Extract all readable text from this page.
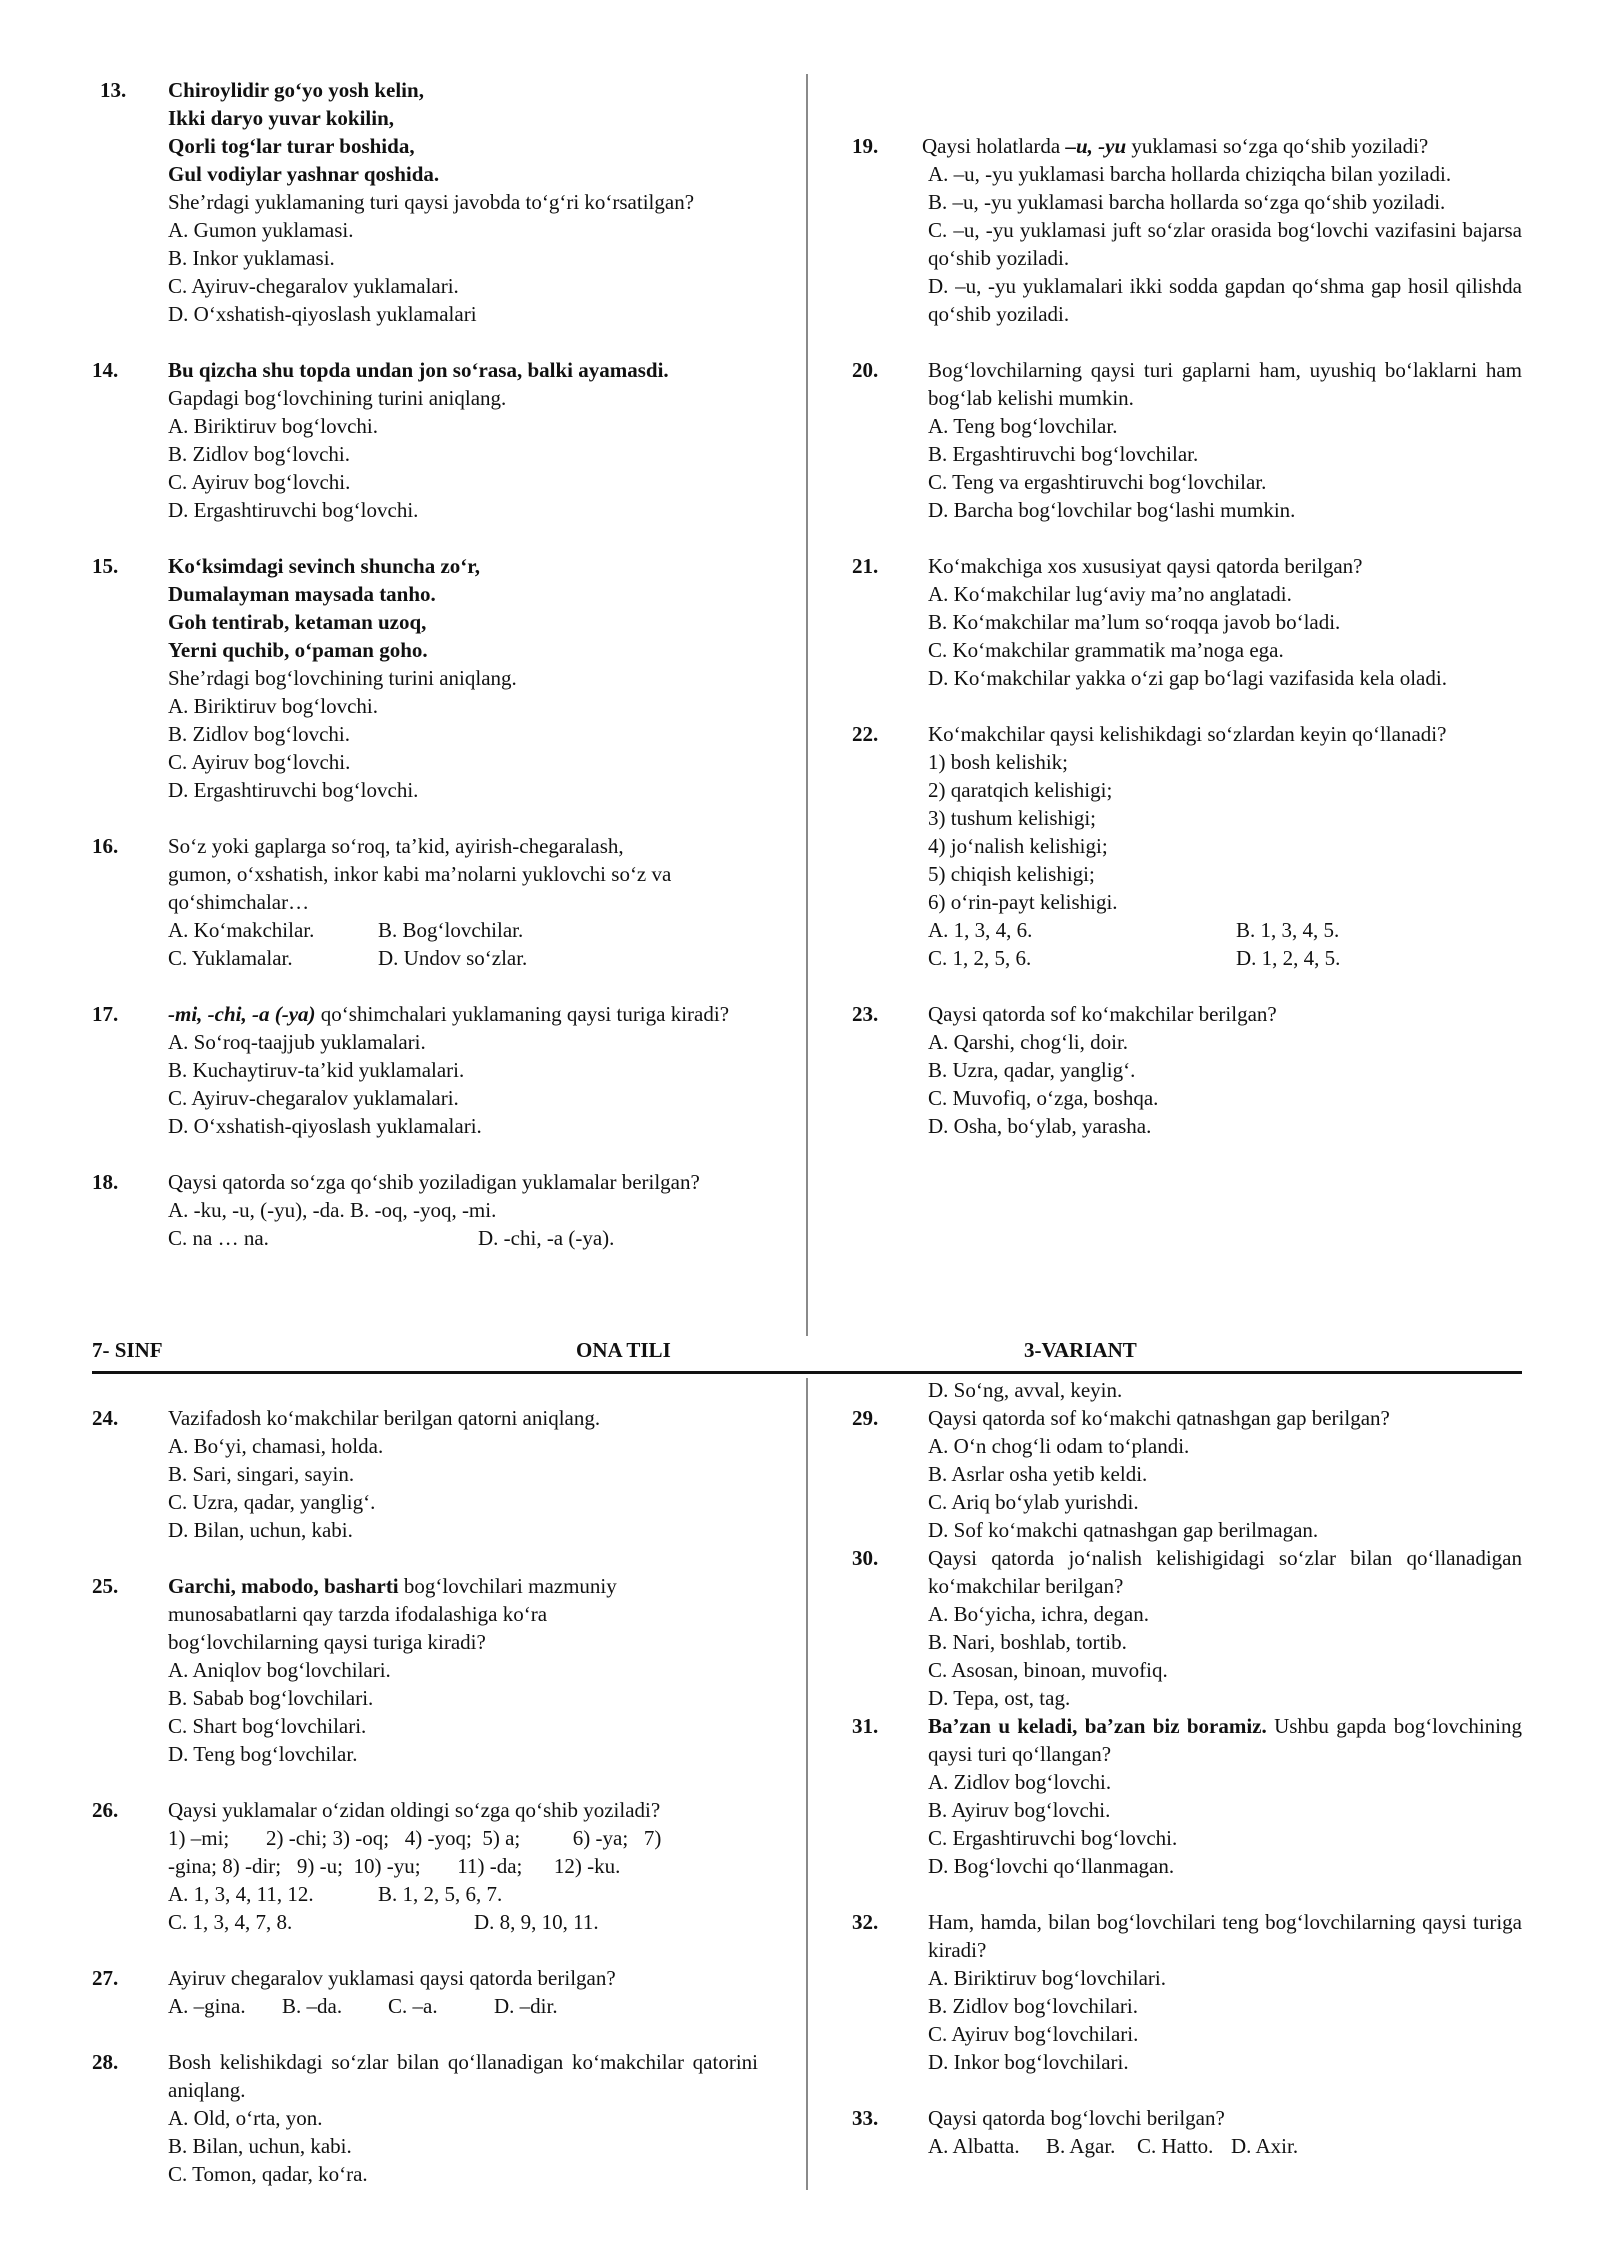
7- SINF	ONA TILI	3-VARIANT
13.	Chiroylidir go‘yo yosh kelin,
Ikki daryo yuvar kokilin,
Qorli tog‘lar turar boshida,
Gul vodiylar yashnar qoshida.
She’rdagi yuklamaning turi qaysi javobda to‘g‘ri ko‘rsatilgan?
A. Gumon yuklamasi.
B. Inkor yuklamasi.
C. Ayiruv-chegaralov yuklamalari.
D. O‘xshatish-qiyoslash yuklamalari
14.	Bu qizcha shu topda undan jon so‘rasa, balki ayamasdi.
Gapdagi bog‘lovchining turini aniqlang.
A. Biriktiruv bog‘lovchi.
B. Zidlov bog‘lovchi.
C. Ayiruv bog‘lovchi.
D. Ergashtiruvchi bog‘lovchi.
15.	Ko‘ksimdagi sevinch shuncha zo‘r,
Dumalayman maysada tanho.
Goh tentirab, ketaman uzoq,
Yerni quchib, o‘paman goho.
She’rdagi bog‘lovchining turini aniqlang.
A. Biriktiruv bog‘lovchi.
B. Zidlov bog‘lovchi.
C. Ayiruv bog‘lovchi.
D. Ergashtiruvchi bog‘lovchi.
16.	So‘z yoki gaplarga so‘roq, ta’kid, ayirish-chegaralash,
gumon, o‘xshatish, inkor kabi ma’nolarni yuklovchi so‘z va
qo‘shimchalar…
A. Ko‘makchilar.	B. Bog‘lovchilar.
C. Yuklamalar.	D. Undov so‘zlar.
17.	-mi, -chi, -a (-ya) qo‘shimchalari yuklamaning qaysi turiga kiradi?
A. So‘roq-taajjub yuklamalari.
B. Kuchaytiruv-ta’kid yuklamalari.
C. Ayiruv-chegaralov yuklamalari.
D. O‘xshatish-qiyoslash yuklamalari.
18.	Qaysi qatorda so‘zga qo‘shib yoziladigan yuklamalar berilgan?
A. -ku, -u, (-yu), -da. B. -oq, -yoq, -mi.
C. na … na.	D. -chi, -a (-ya).
19.	Qaysi holatlarda –u, -yu yuklamasi so‘zga qo‘shib yoziladi?
A. –u, -yu yuklamasi barcha hollarda chiziqcha bilan yoziladi.
B. –u, -yu yuklamasi barcha hollarda so‘zga qo‘shib yoziladi.
C. –u, -yu yuklamasi juft so‘zlar orasida bog‘lovchi vazifasini bajarsa qo‘shib yoziladi.
D. –u, -yu yuklamalari ikki sodda gapdan qo‘shma gap hosil qilishda qo‘shib yoziladi.
20.	Bog‘lovchilarning qaysi turi gaplarni ham, uyushiq bo‘laklarni ham bog‘lab kelishi mumkin.
A. Teng bog‘lovchilar.
B. Ergashtiruvchi bog‘lovchilar.
C. Teng va ergashtiruvchi bog‘lovchilar.
D. Barcha bog‘lovchilar bog‘lashi mumkin.
21.	Ko‘makchiga xos xususiyat qaysi qatorda berilgan?
A. Ko‘makchilar lug‘aviy ma’no anglatadi.
B. Ko‘makchilar ma’lum so‘roqqa javob bo‘ladi.
C. Ko‘makchilar grammatik ma’noga ega.
D. Ko‘makchilar yakka o‘zi gap bo‘lagi vazifasida kela oladi.
22.	Ko‘makchilar qaysi kelishikdagi so‘zlardan keyin qo‘llanadi?
1) bosh kelishik;
2) qaratqich kelishigi;
3) tushum kelishigi;
4) jo‘nalish kelishigi;
5) chiqish kelishigi;
6) o‘rin-payt kelishigi.
A. 1, 3, 4, 6.	B. 1, 3, 4, 5.
C. 1, 2, 5, 6.	D. 1, 2, 4, 5.
23.	Qaysi qatorda sof ko‘makchilar berilgan?
A. Qarshi, chog‘li, doir.
B. Uzra, qadar, yanglig‘.
C. Muvofiq, o‘zga, boshqa.
D. Osha, bo‘ylab, yarasha.
24.	Vazifadosh ko‘makchilar berilgan qatorni aniqlang.
A. Bo‘yi, chamasi, holda.
B. Sari, singari, sayin.
C. Uzra, qadar, yanglig‘.
D. Bilan, uchun, kabi.
25.	Garchi, mabodo, basharti bog‘lovchilari mazmuniy
munosabatlarni qay tarzda ifodalashiga ko‘ra
bog‘lovchilarning qaysi turiga kiradi?
A. Aniqlov bog‘lovchilari.
B. Sabab bog‘lovchilari.
C. Shart bog‘lovchilari.
D. Teng bog‘lovchilar.
26.	Qaysi yuklamalar o‘zidan oldingi so‘zga qo‘shib yoziladi?
1) –mi;       2) -chi; 3) -oq;   4) -yoq;  5) a;          6) -ya;   7)
-gina; 8) -dir;   9) -u;  10) -yu;       11) -da;      12) -ku.
A. 1, 3, 4, 11, 12.	B. 1, 2, 5, 6, 7.
C. 1, 3, 4, 7, 8.	D. 8, 9, 10, 11.
27.	Ayiruv chegaralov yuklamasi qaysi qatorda berilgan?
A. –gina.	B. –da.	C. –a.	D. –dir.
28.	Bosh kelishikdagi so‘zlar bilan qo‘llanadigan ko‘makchilar qatorini aniqlang.
A. Old, o‘rta, yon.
B. Bilan, uchun, kabi.
C. Tomon, qadar, ko‘ra.
D. So‘ng, avval, keyin.
29.	Qaysi qatorda sof ko‘makchi qatnashgan gap berilgan?
A. O‘n chog‘li odam to‘plandi.
B. Asrlar osha yetib keldi.
C. Ariq bo‘ylab yurishdi.
D. Sof ko‘makchi qatnashgan gap berilmagan.
30.	Qaysi qatorda jo‘nalish kelishigidagi so‘zlar bilan qo‘llanadigan ko‘makchilar berilgan?
A. Bo‘yicha, ichra, degan.
B. Nari, boshlab, tortib.
C. Asosan, binoan, muvofiq.
D. Tepa, ost, tag.
31.	Ba’zan u keladi, ba’zan biz boramiz. Ushbu gapda bog‘lovchining qaysi turi qo‘llangan?
A. Zidlov bog‘lovchi.
B. Ayiruv bog‘lovchi.
C. Ergashtiruvchi bog‘lovchi.
D. Bog‘lovchi qo‘llanmagan.
32.	Ham, hamda, bilan bog‘lovchilari teng bog‘lovchilarning qaysi turiga kiradi?
A. Biriktiruv bog‘lovchilari.
B. Zidlov bog‘lovchilari.
C. Ayiruv bog‘lovchilari.
D. Inkor bog‘lovchilari.
33.	Qaysi qatorda bog‘lovchi berilgan?
A. Albatta.	B. Agar.	C. Hatto. D. Axir.
